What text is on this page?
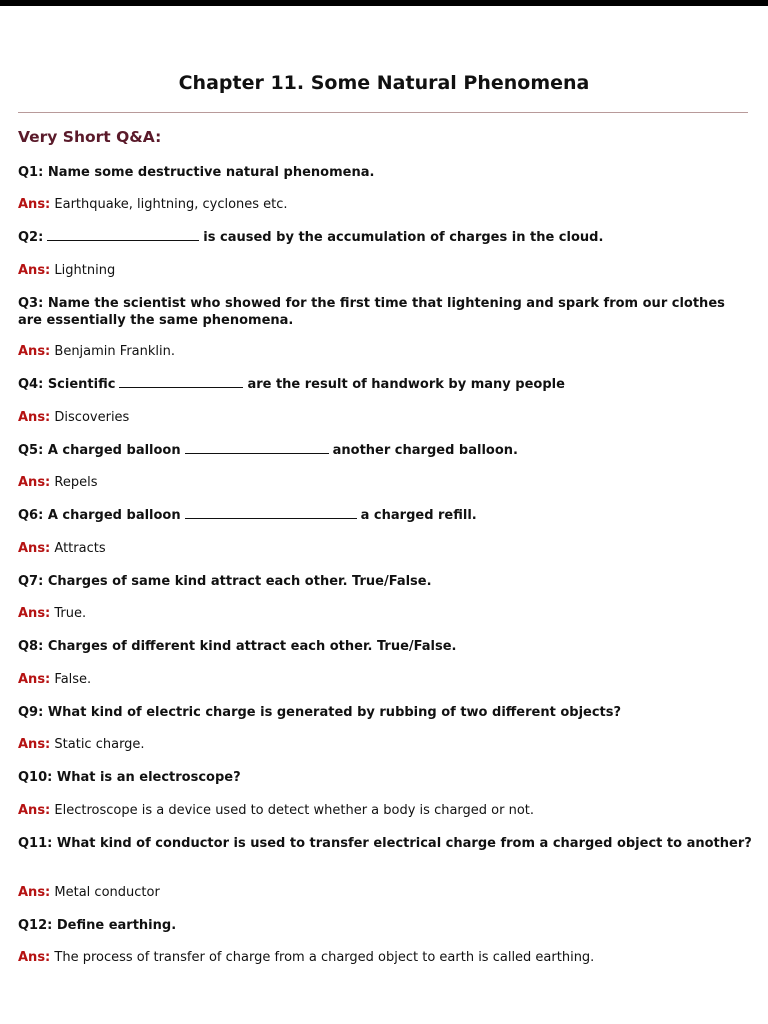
Chapter 11. Some Natural Phenomena
Very Short Q&A:
Q1: Name some destructive natural phenomena.
Ans: Earthquake, lightning, cyclones etc.
Q2:	is caused by the accumulation of charges in the cloud.
Ans: Lightning
Q3: Name the scientist who showed for the first time that lightening and spark from our clothes are essentially the same phenomena.
Ans: Benjamin Franklin.
Q4: Scientific	are the result of handwork by many people
Ans: Discoveries
Q5: A charged balloon	another charged balloon.
Ans: Repels
Q6: A charged balloon	a charged refill.
Ans: Attracts
Q7: Charges of same kind attract each other. True/False.
Ans: True.
Q8: Charges of different kind attract each other. True/False.
Ans: False.
Q9: What kind of electric charge is generated by rubbing of two different objects?
Ans: Static charge.
Q10: What is an electroscope?
Ans: Electroscope is a device used to detect whether a body is charged or not.
Q11: What kind of conductor is used to transfer electrical charge from a charged object to another?
Ans: Metal conductor
Q12: Define earthing.
Ans: The process of transfer of charge from a charged object to earth is called earthing.
